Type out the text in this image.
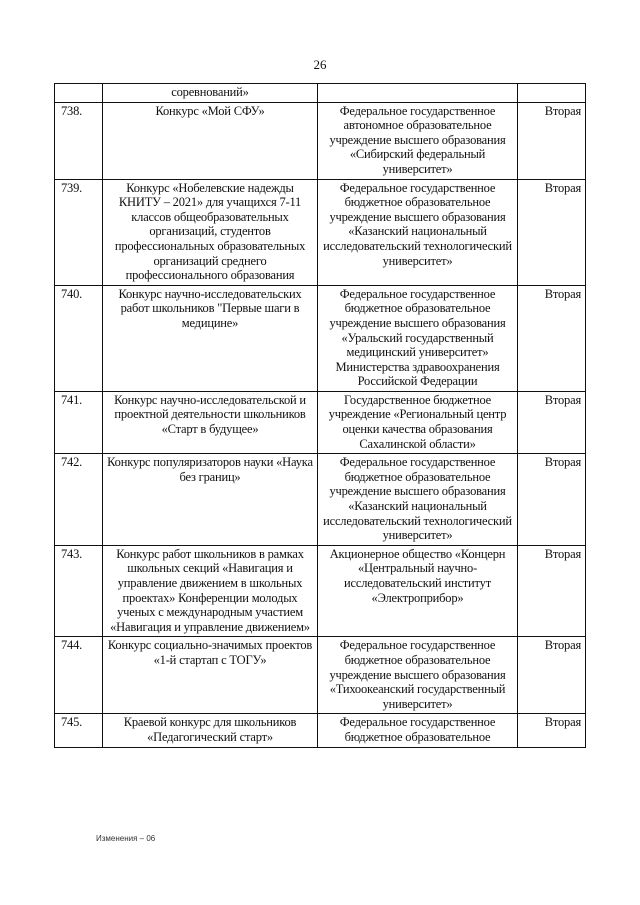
26
	соревнований»		
738.	Конкурс «Мой СФУ»	Федеральное государственное автономное образовательное учреждение высшего образования «Сибирский федеральный университет»	Вторая
739.	Конкурс «Нобелевские надежды КНИТУ – 2021» для учащихся 7-11 классов общеобразовательных организаций, студентов профессиональных образовательных организаций среднего профессионального образования	Федеральное государственное бюджетное образовательное учреждение высшего образования «Казанский национальный исследовательский технологический университет»	Вторая
740.	Конкурс научно-исследовательских работ школьников "Первые шаги в медицине»	Федеральное государственное бюджетное образовательное учреждение высшего образования «Уральский государственный медицинский университет» Министерства здравоохранения Российской Федерации	Вторая
741.	Конкурс научно-исследовательской и проектной деятельности школьников «Старт в будущее»	Государственное бюджетное учреждение «Региональный центр оценки качества образования Сахалинской области»	Вторая
742.	Конкурс популяризаторов науки «Наука без границ»	Федеральное государственное бюджетное образовательное учреждение высшего образования «Казанский национальный исследовательский технологический университет»	Вторая
743.	Конкурс работ школьников в рамках школьных секций «Навигация и управление движением в школьных проектах» Конференции молодых ученых с международным участием «Навигация и управление движением»	Акционерное общество «Концерн «Центральный научно-исследовательский институт «Электроприбор»	Вторая
744.	Конкурс социально-значимых проектов «1-й стартап с ТОГУ»	Федеральное государственное бюджетное образовательное учреждение высшего образования «Тихоокеанский государственный университет»	Вторая
745.	Краевой конкурс для школьников «Педагогический старт»	Федеральное государственное бюджетное образовательное	Вторая
Изменения – 06
